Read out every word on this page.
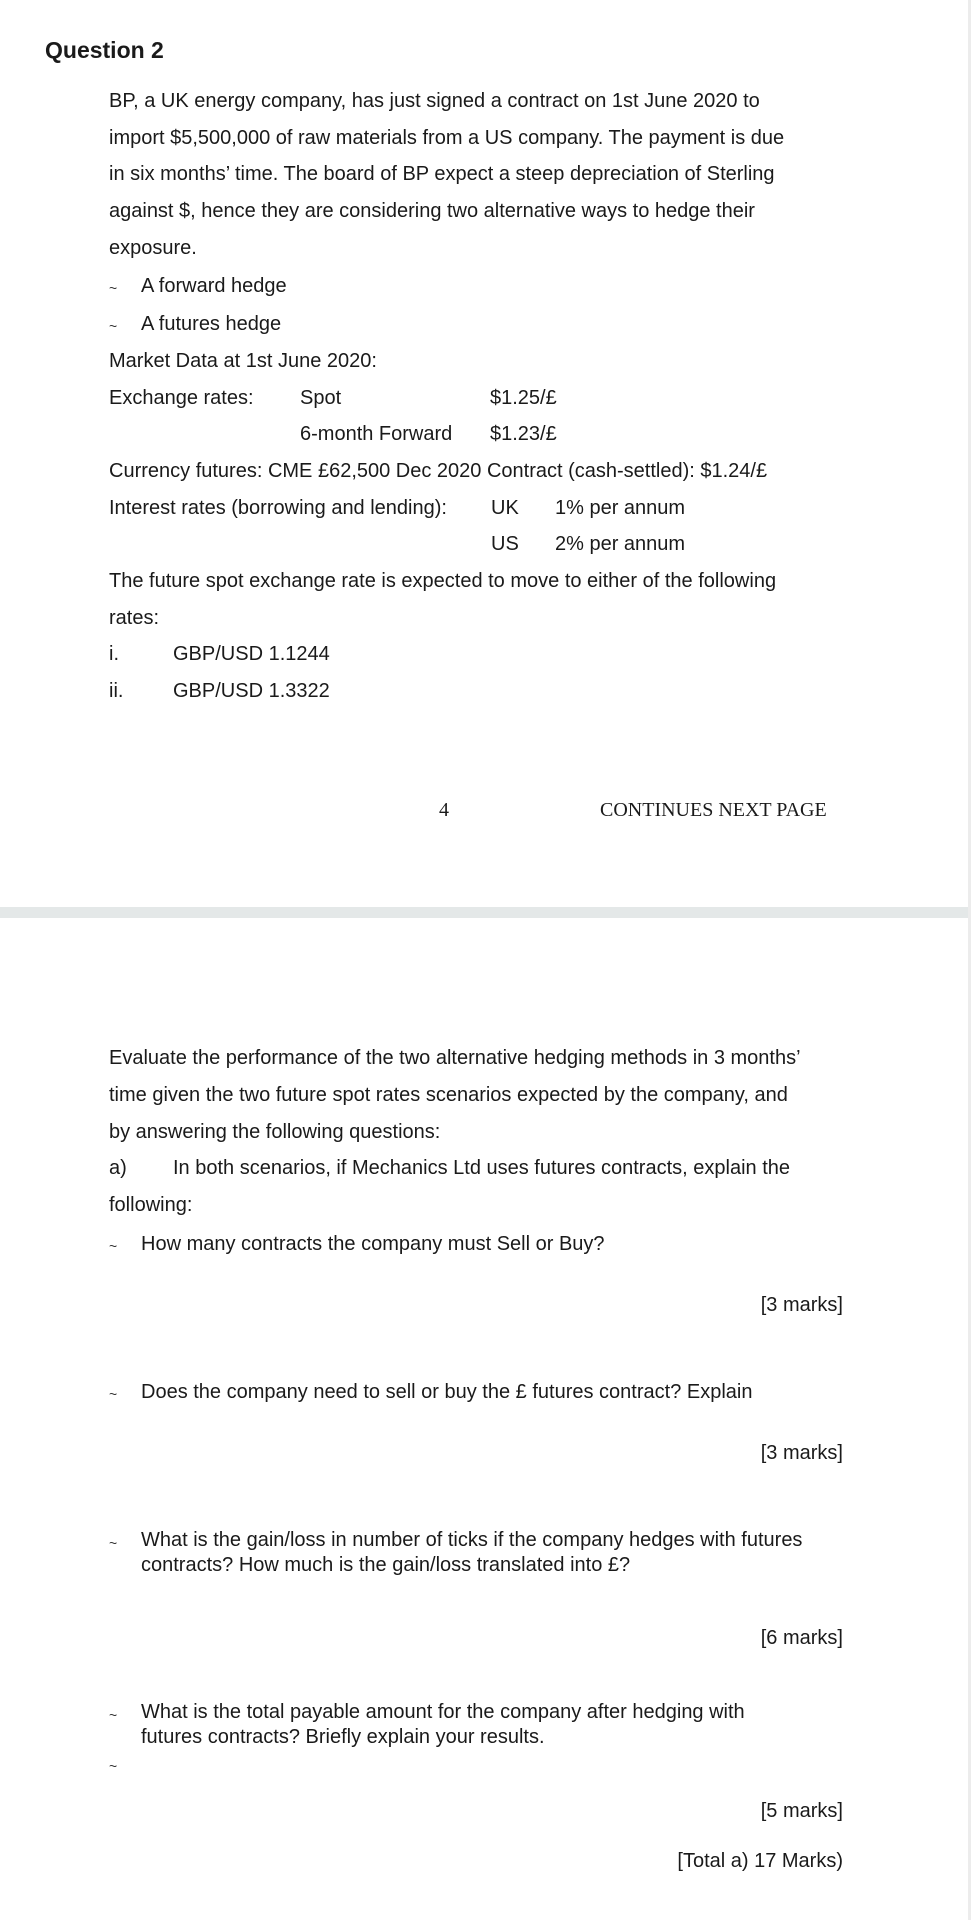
Question 2
BP, a UK energy company, has just signed a contract on 1st June 2020 to
import $5,500,000 of raw materials from a US company. The payment is due
in six months’ time. The board of BP expect a steep depreciation of Sterling
against $, hence they are considering two alternative ways to hedge their
exposure.
~ A forward hedge
~ A futures hedge
Market Data at 1st June 2020:
Exchange rates: Spot	$1.25/£
6-month Forward $1.23/£
Currency futures: CME £62,500 Dec 2020 Contract (cash-settled): $1.24/£
Interest rates (borrowing and lending): UK 1% per annum
US 2% per annum
The future spot exchange rate is expected to move to either of the following
rates:
i.	GBP/USD 1.1244
ii. GBP/USD 1.3322
4	CONTINUES NEXT PAGE
Evaluate the performance of the two alternative hedging methods in 3 months’
time given the two future spot rates scenarios expected by the company, and
by answering the following questions:
a) In both scenarios, if Mechanics Ltd uses futures contracts, explain the
following:
~ How many contracts the company must Sell or Buy?
[3 marks]
~ Does the company need to sell or buy the £ futures contract? Explain
[3 marks]
~ What is the gain/loss in number of ticks if the company hedges with futures
contracts? How much is the gain/loss translated into £?
[6 marks]
~ What is the total payable amount for the company after hedging with
futures contracts? Briefly explain your results.
~
[5 marks]
[Total a) 17 Marks)
